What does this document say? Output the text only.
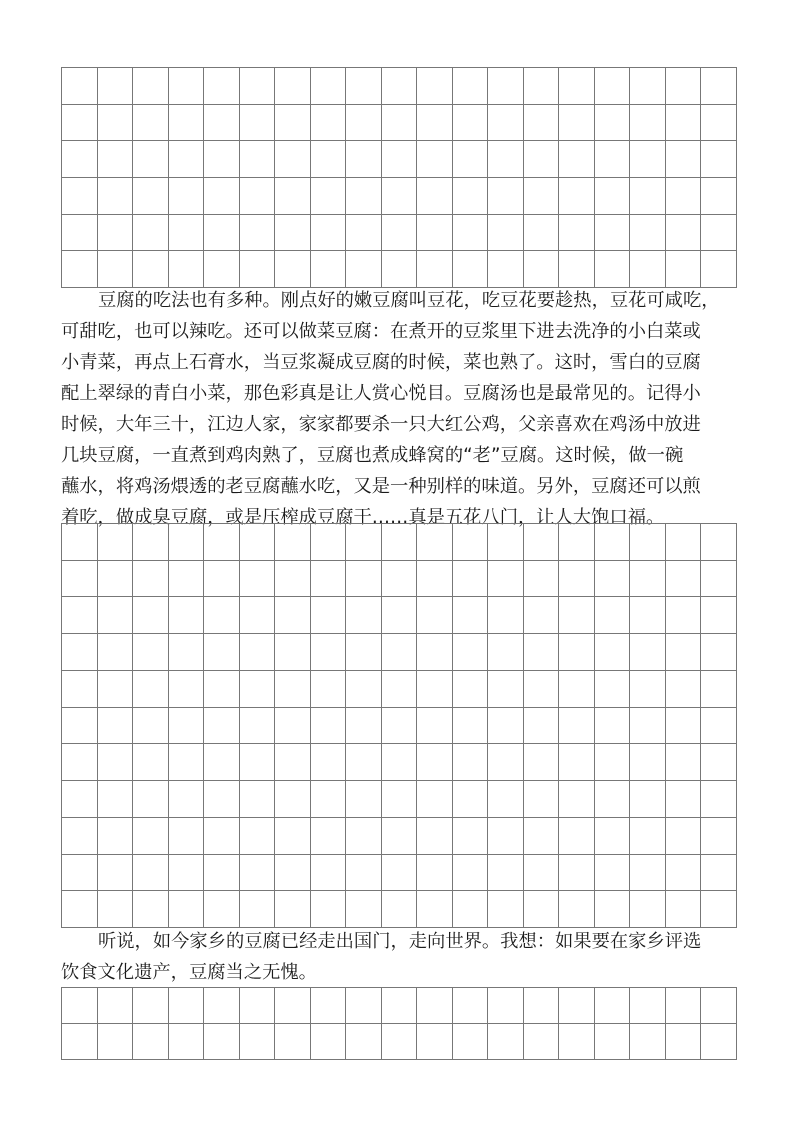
豆腐的吃法也有多种。刚点好的嫩豆腐叫豆花，吃豆花要趁热，豆花可咸吃，
可甜吃，也可以辣吃。还可以做菜豆腐：在煮开的豆浆里下进去洗净的小白菜或
小青菜，再点上石膏水，当豆浆凝成豆腐的时候，菜也熟了。这时，雪白的豆腐
配上翠绿的青白小菜，那色彩真是让人赏心悦目。豆腐汤也是最常见的。记得小
时候，大年三十，江边人家，家家都要杀一只大红公鸡，父亲喜欢在鸡汤中放进
几块豆腐，一直煮到鸡肉熟了，豆腐也煮成蜂窝的“老”豆腐。这时候，做一碗
蘸水，将鸡汤煨透的老豆腐蘸水吃，又是一种别样的味道。另外，豆腐还可以煎
着吃，做成臭豆腐，或是压榨成豆腐干……真是五花八门，让人大饱口福。
听说，如今家乡的豆腐已经走出国门，走向世界。我想：如果要在家乡评选
饮食文化遗产，豆腐当之无愧。
